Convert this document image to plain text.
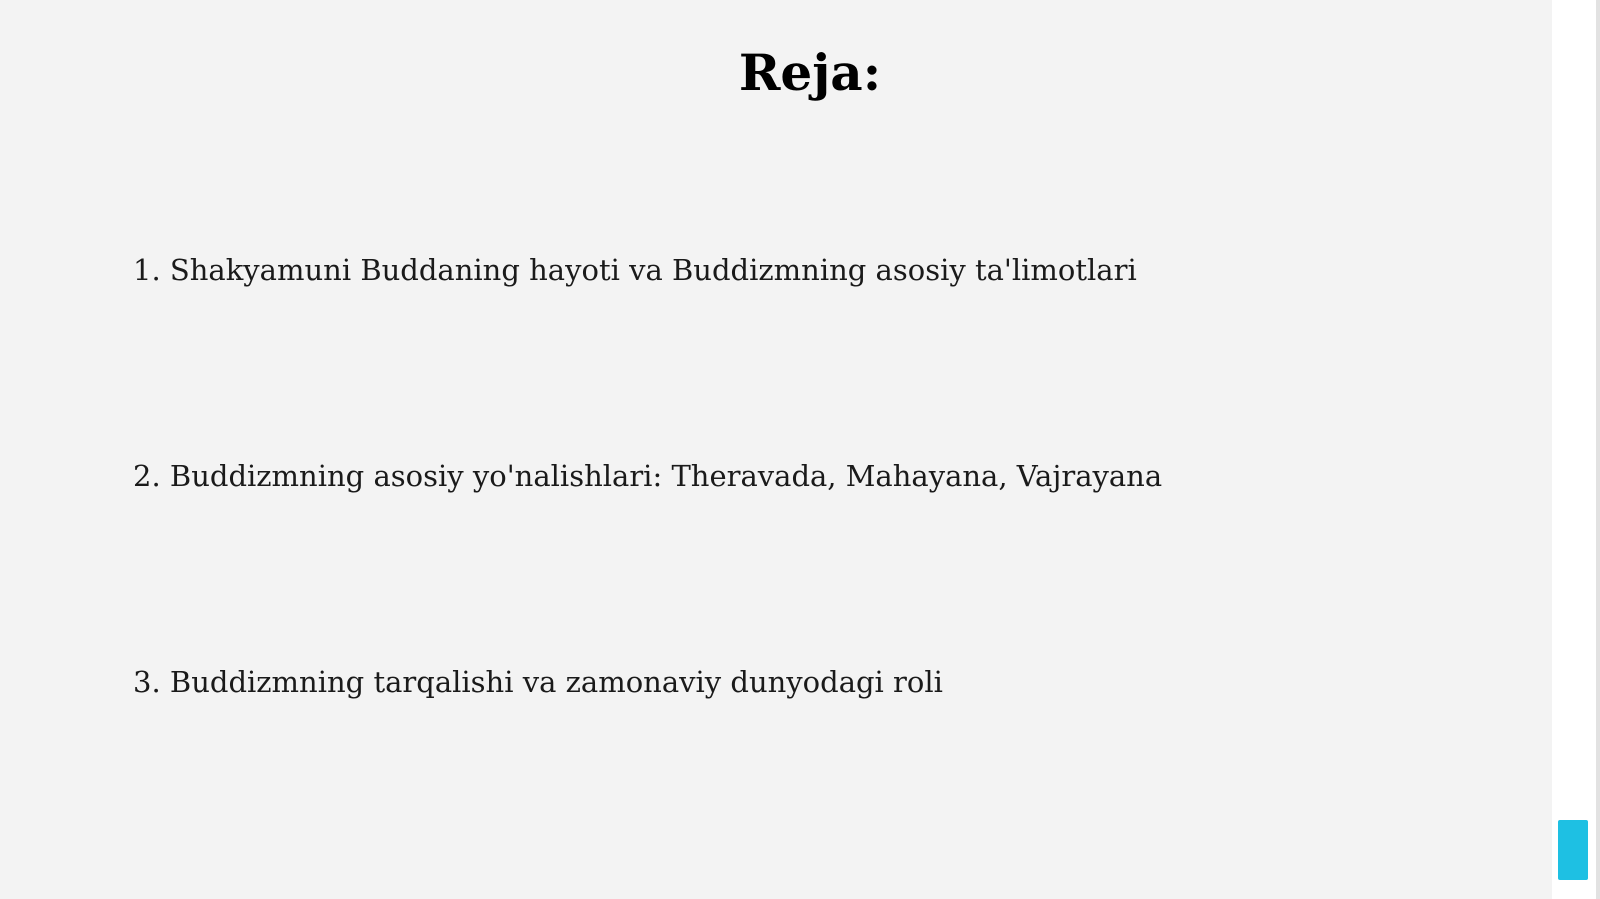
Reja:

1. Shakyamuni Buddaning hayoti va Buddizmning asosiy ta'limotlari

2. Buddizmning asosiy yo'nalishlari: Theravada, Mahayana, Vajrayana

3. Buddizmning tarqalishi va zamonaviy dunyodagi roli
